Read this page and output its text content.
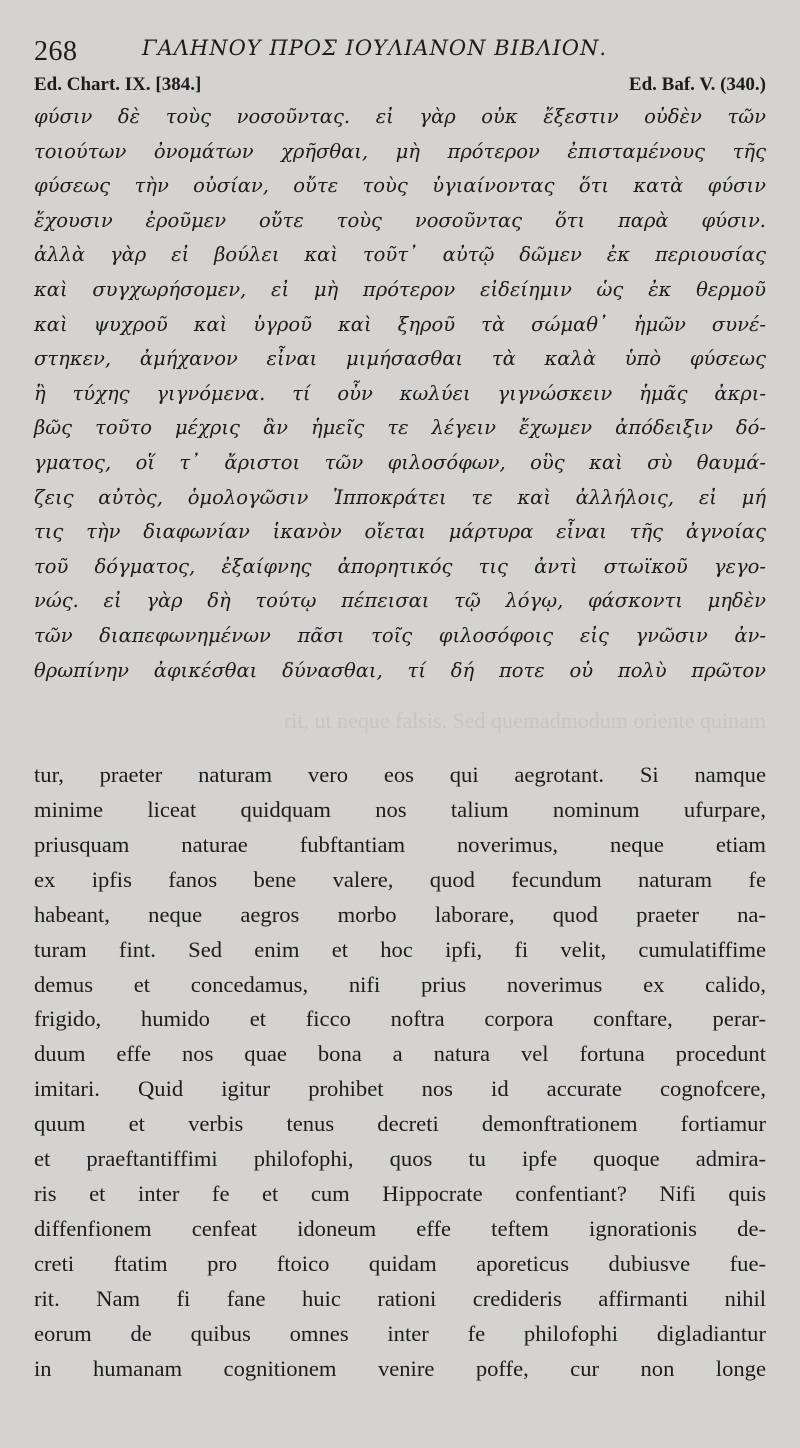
268	ΓΑΛΗΝΟΥ ΠΡΟΣ ΙΟΥΛΙΑΝΟΝ ΒΙΒΛΙΟΝ.
Ed. Chart. IX. [384.]	Ed. Baf. V. (340.)
φύσιν δὲ τοὺς νοσοῦντας. εἰ γὰρ οὐκ ἔξεστιν οὐδὲν τῶν
τοιούτων ὀνομάτων χρῆσθαι, μὴ πρότερον ἐπισταμένους τῆς
φύσεως τὴν οὐσίαν, οὔτε τοὺς ὑγιαίνοντας ὅτι κατὰ φύσιν
ἔχουσιν ἐροῦμεν οὔτε τοὺς νοσοῦντας ὅτι παρὰ φύσιν.
ἀλλὰ γὰρ εἰ βούλει καὶ τοῦτ᾽ αὐτῷ δῶμεν ἐκ περιουσίας
καὶ συγχωρήσομεν, εἰ μὴ πρότερον εἰδείημιν ὡς ἐκ θερμοῦ
καὶ ψυχροῦ καὶ ὑγροῦ καὶ ξηροῦ τὰ σώμαθ᾽ ἡμῶν συνέ-
στηκεν, ἀμήχανον εἶναι μιμήσασθαι τὰ καλὰ ὑπὸ φύσεως
ἢ τύχης γιγνόμενα. τί οὖν κωλύει γιγνώσκειν ἡμᾶς ἀκρι-
βῶς τοῦτο μέχρις ἂν ἡμεῖς τε λέγειν ἔχωμεν ἀπόδειξιν δό-
γματος, οἵ τ᾽ ἄριστοι τῶν φιλοσόφων, οὓς καὶ σὺ θαυμά-
ζεις αὐτὸς, ὁμολογῶσιν Ἱπποκράτει τε καὶ ἀλλήλοις, εἰ μή
τις τὴν διαφωνίαν ἱκανὸν οἴεται μάρτυρα εἶναι τῆς ἀγνοίας
τοῦ δόγματος, ἐξαίφνης ἀπορητικός τις ἀντὶ στωϊκοῦ γεγο-
νώς. εἰ γὰρ δὴ τούτῳ πέπεισαι τῷ λόγῳ, φάσκοντι μηδὲν
τῶν διαπεφωνημένων πᾶσι τοῖς φιλοσόφοις εἰς γνῶσιν ἀν-
θρωπίνην ἀφικέσθαι δύνασθαι, τί δή ποτε οὐ πολὺ πρῶτον
rit, ut neque falsis. Sed quemadmodum oriente quinam
tur, praeter naturam vero eos qui aegrotant. Si namque
minime liceat quidquam nos talium nominum ufurpare,
priusquam naturae fubftantiam noverimus, neque etiam
ex ipfis fanos bene valere, quod fecundum naturam fe
habeant, neque aegros morbo laborare, quod praeter na-
turam fint. Sed enim et hoc ipfi, fi velit, cumulatiffime
demus et concedamus, nifi prius noverimus ex calido,
frigido, humido et ficco noftra corpora conftare, perar-
duum effe nos quae bona a natura vel fortuna procedunt
imitari. Quid igitur prohibet nos id accurate cognofcere,
quum et verbis tenus decreti demonftrationem fortiamur
et praeftantiffimi philofophi, quos tu ipfe quoque admira-
ris et inter fe et cum Hippocrate confentiant? Nifi quis
diffenfionem cenfeat idoneum effe teftem ignorationis de-
creti ftatim pro ftoico quidam aporeticus dubiusve fue-
rit. Nam fi fane huic rationi credideris affirmanti nihil
eorum de quibus omnes inter fe philofophi digladiantur
in humanam cognitionem venire poffe, cur non longe
